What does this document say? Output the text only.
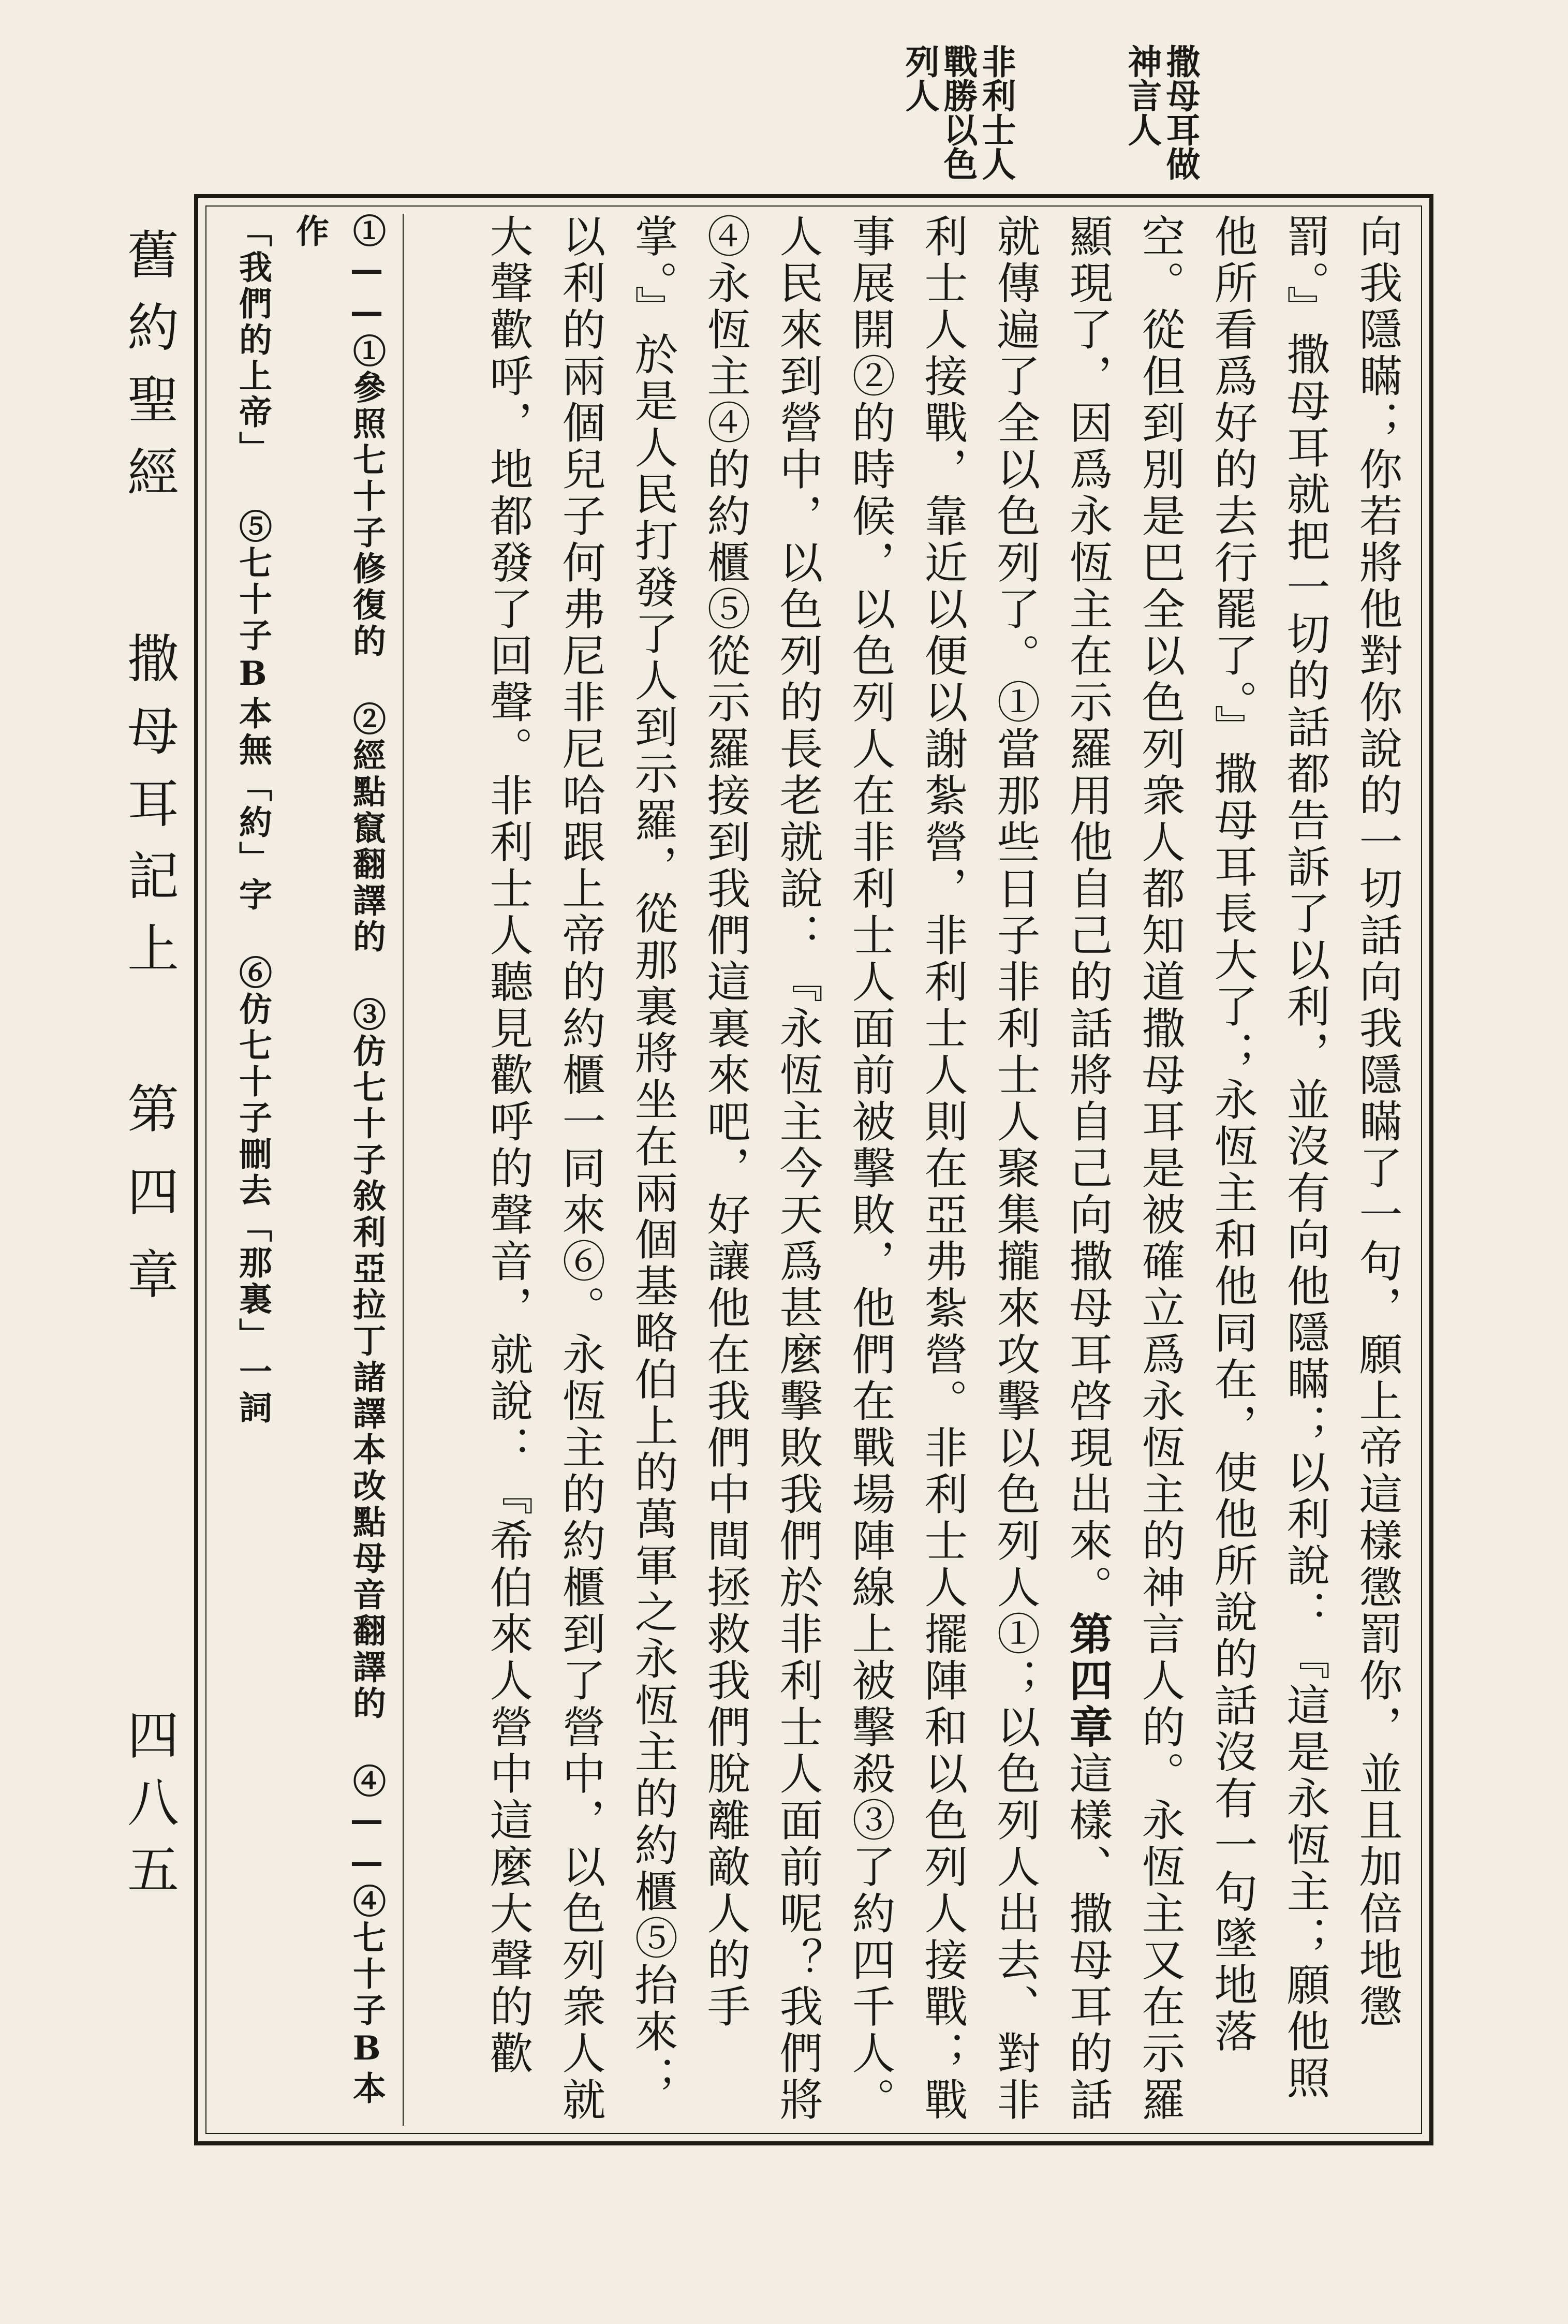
舊約聖經
撒母耳記上
第四章
四八五
撒母耳做神言人
非利士人戰勝以色列人
向我隱瞞；你若將他對你說的一切話向我隱瞞了一句，願上帝這樣懲罰你，並且加倍地懲罰。』撒母耳就把一切的話都告訴了以利，並沒有向他隱瞞；以利說：『這是永恆主；願他照他所看爲好的去行罷了。』撒母耳長大了；永恆主和他同在，使他所說的話沒有一句墜地落空。從但到別是巴全以色列衆人都知道撒母耳是被確立爲永恆主的神言人的。永恆主又在示羅顯現了，因爲永恆主在示羅用他自己的話將自己向撒母耳啓現出來。第四章這樣、撒母耳的話就傳遍了全以色列了。①當那些日子非利士人聚集攏來攻擊以色列人①；以色列人出去、對非利士人接戰，靠近以便以謝紮營，非利士人則在亞弗紮營。非利士人擺陣和以色列人接戰；戰事展開②的時候，以色列人在非利士人面前被擊敗，他們在戰場陣線上被擊殺③了約四千人。人民來到營中，以色列的長老就說：『永恆主今天爲甚麼擊敗我們於非利士人面前呢？我們將④永恆主④的約櫃⑤從示羅接到我們這裏來吧，好讓他在我們中間拯救我們脫離敵人的手掌。』於是人民打發了人到示羅，從那裏將坐在兩個基略伯上的萬軍之永恆主的約櫃⑤抬來；以利的兩個兒子何弗尼非尼哈跟上帝的約櫃一同來⑥。永恆主的約櫃到了營中，以色列衆人就大聲歡呼，地都發了回聲。非利士人聽見歡呼的聲音，就說：『希伯來人營中這麼大聲的歡
①——①參照七十子修復的 ②經點竄翻譯的 ③仿七十子敘利亞拉丁諸譯本改點母音翻譯的 ④——④七十子B本作
「我們的上帝」 ⑤七十子B本無「約」字 ⑥仿七十子刪去「那裏」一詞
